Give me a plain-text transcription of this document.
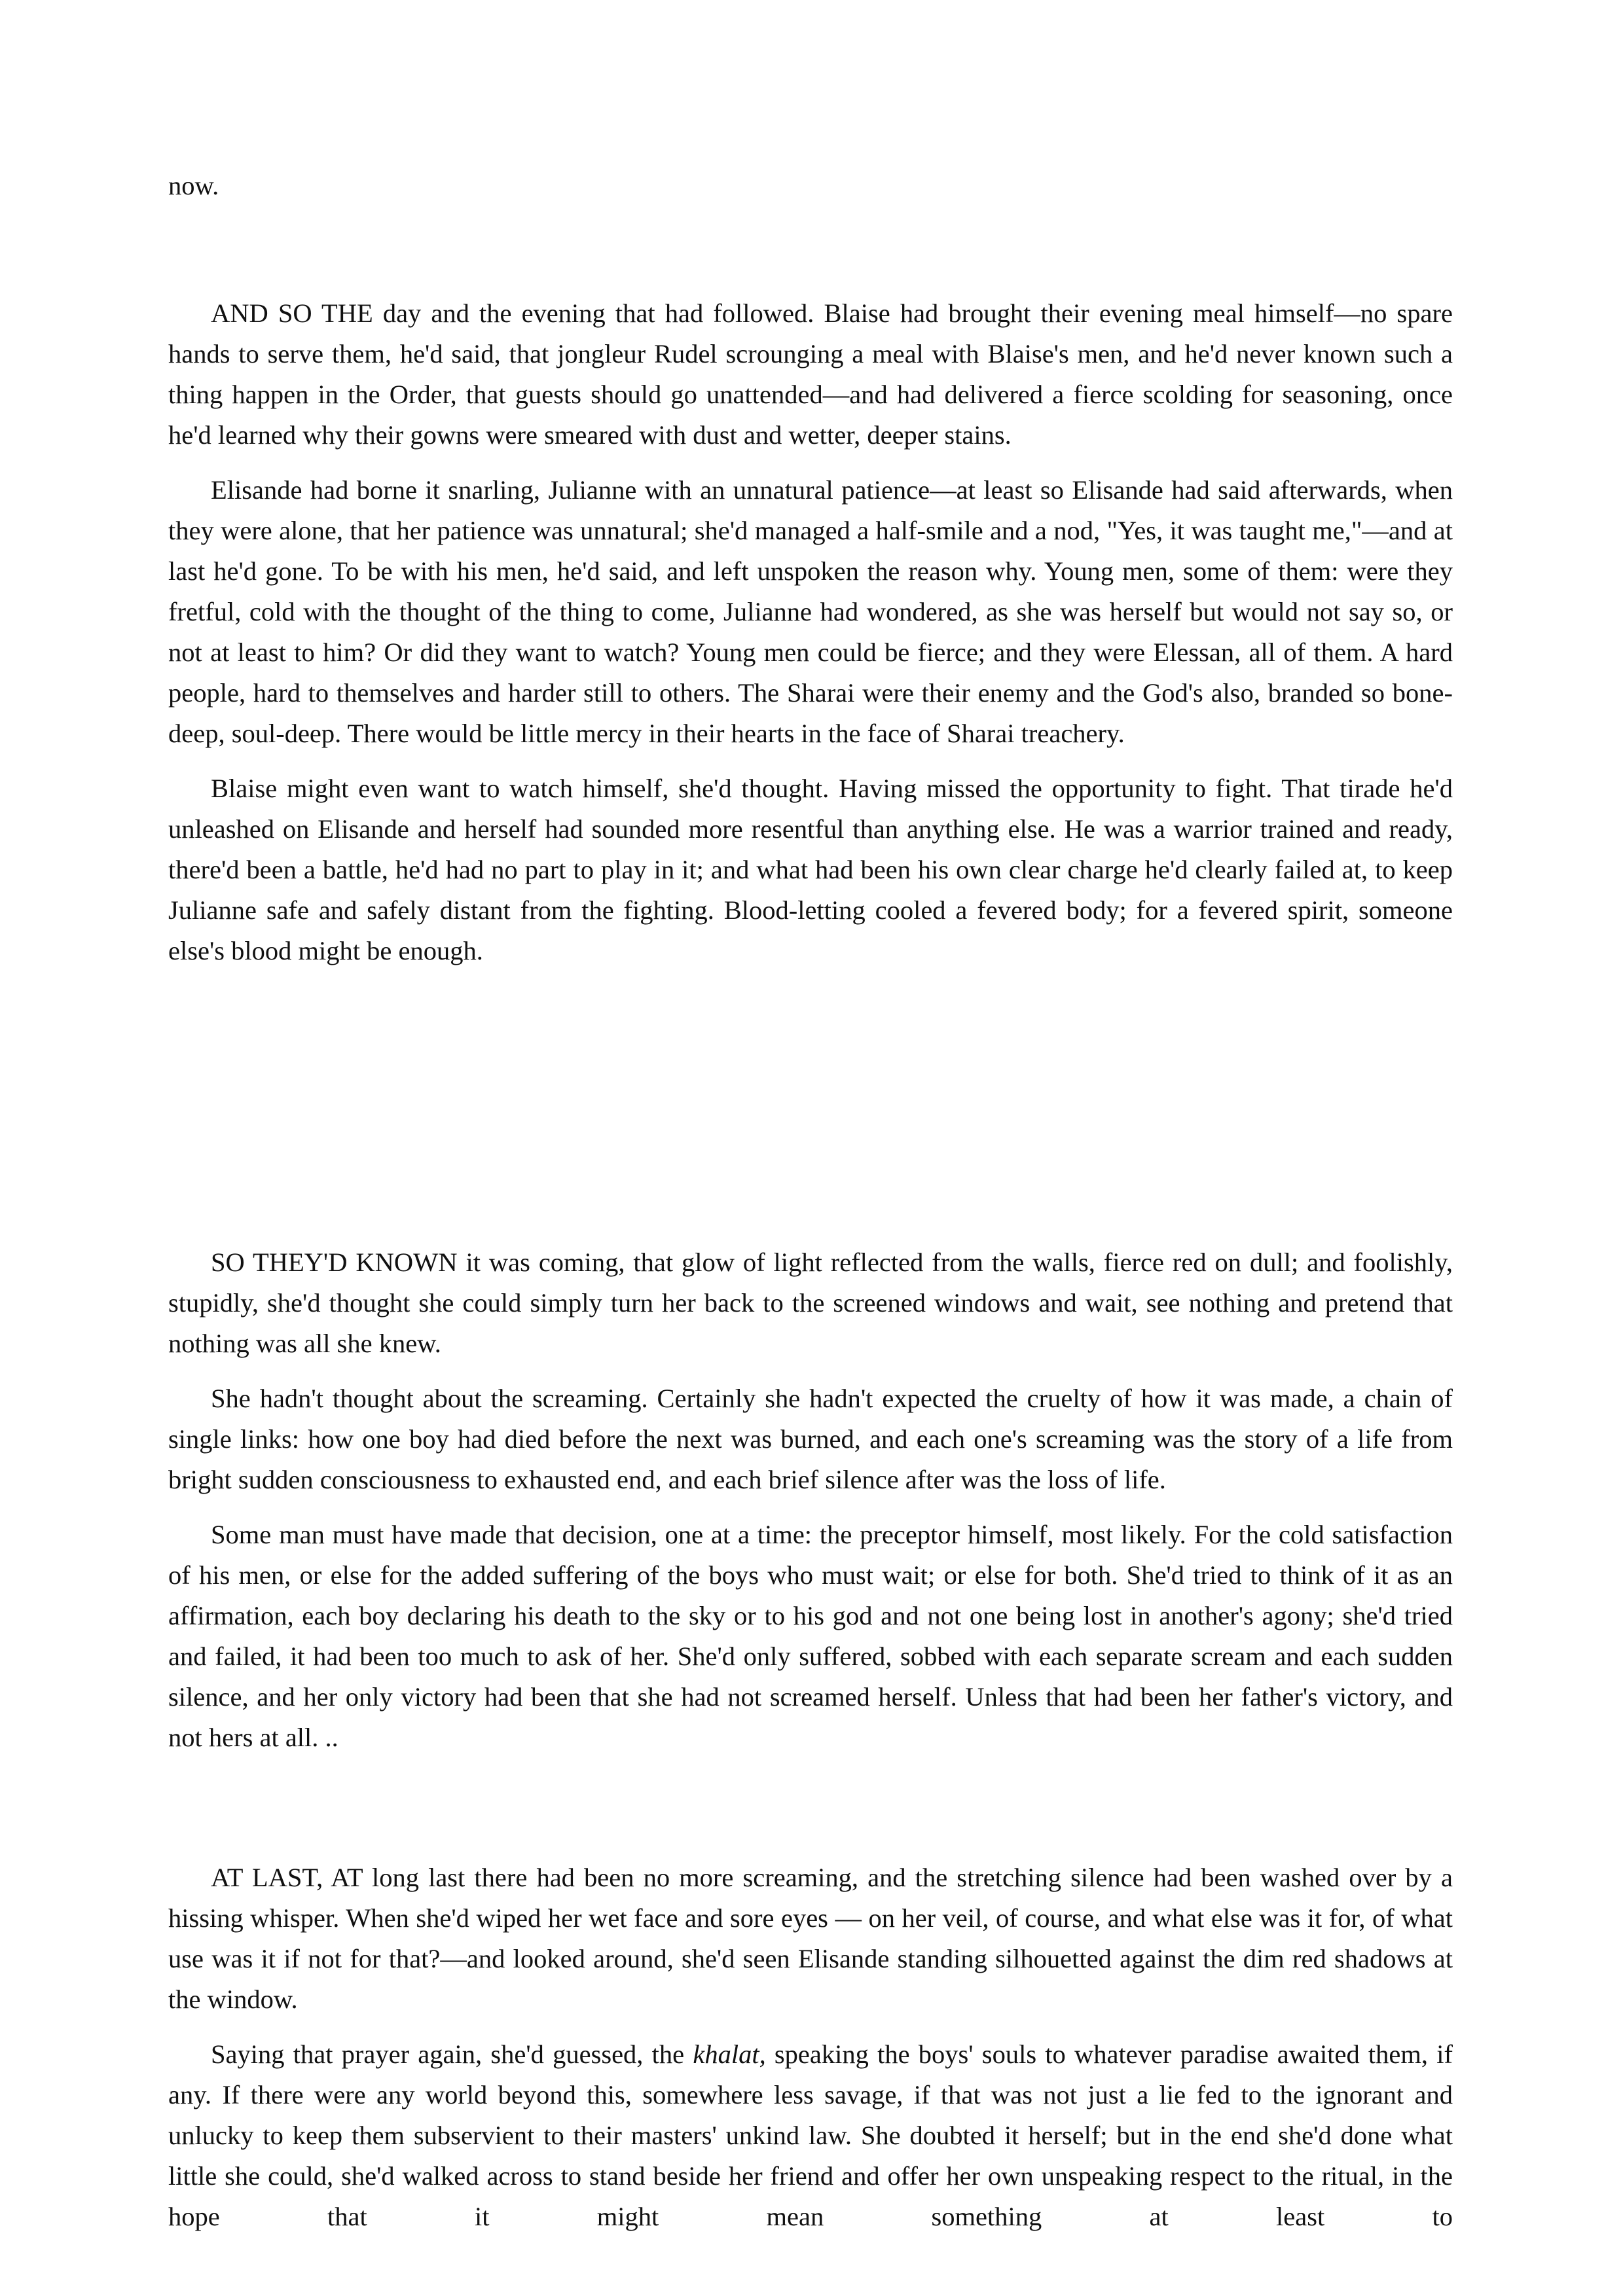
now.

AND SO THE day and the evening that had followed. Blaise had brought their evening meal himself—no spare hands to serve them, he'd said, that jongleur Rudel scrounging a meal with Blaise's men, and he'd never known such a thing happen in the Order, that guests should go unattended—and had delivered a fierce scolding for seasoning, once he'd learned why their gowns were smeared with dust and wetter, deeper stains.

Elisande had borne it snarling, Julianne with an unnatural patience—at least so Elisande had said afterwards, when they were alone, that her patience was unnatural; she'd managed a half-smile and a nod, "Yes, it was taught me,"—and at last he'd gone. To be with his men, he'd said, and left unspoken the reason why. Young men, some of them: were they fretful, cold with the thought of the thing to come, Julianne had wondered, as she was herself but would not say so, or not at least to him? Or did they want to watch? Young men could be fierce; and they were Elessan, all of them. A hard people, hard to themselves and harder still to others. The Sharai were their enemy and the God's also, branded so bone-deep, soul-deep. There would be little mercy in their hearts in the face of Sharai treachery.

Blaise might even want to watch himself, she'd thought. Having missed the opportunity to fight. That tirade he'd unleashed on Elisande and herself had sounded more resentful than anything else. He was a warrior trained and ready, there'd been a battle, he'd had no part to play in it; and what had been his own clear charge he'd clearly failed at, to keep Julianne safe and safely distant from the fighting. Blood-letting cooled a fevered body; for a fevered spirit, someone else's blood might be enough.

SO THEY'D KNOWN it was coming, that glow of light reflected from the walls, fierce red on dull; and foolishly, stupidly, she'd thought she could simply turn her back to the screened windows and wait, see nothing and pretend that nothing was all she knew.

She hadn't thought about the screaming. Certainly she hadn't expected the cruelty of how it was made, a chain of single links: how one boy had died before the next was burned, and each one's screaming was the story of a life from bright sudden consciousness to exhausted end, and each brief silence after was the loss of life.

Some man must have made that decision, one at a time: the preceptor himself, most likely. For the cold satisfaction of his men, or else for the added suffering of the boys who must wait; or else for both. She'd tried to think of it as an affirmation, each boy declaring his death to the sky or to his god and not one being lost in another's agony; she'd tried and failed, it had been too much to ask of her. She'd only suffered, sobbed with each separate scream and each sudden silence, and her only victory had been that she had not screamed herself. Unless that had been her father's victory, and not hers at all. ..

AT LAST, AT long last there had been no more screaming, and the stretching silence had been washed over by a hissing whisper. When she'd wiped her wet face and sore eyes — on her veil, of course, and what else was it for, of what use was it if not for that?—and looked around, she'd seen Elisande standing silhouetted against the dim red shadows at the window.

Saying that prayer again, she'd guessed, the khalat, speaking the boys' souls to whatever paradise awaited them, if any. If there were any world beyond this, somewhere less savage, if that was not just a lie fed to the ignorant and unlucky to keep them subservient to their masters' unkind law. She doubted it herself; but in the end she'd done what little she could, she'd walked across to stand beside her friend and offer her own unspeaking respect to the ritual, in the hope that it might mean something at least to
